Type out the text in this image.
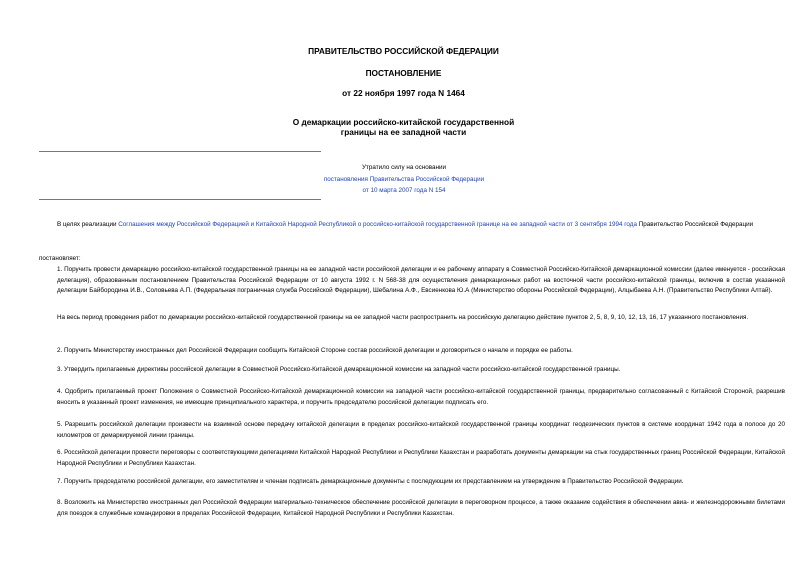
ПРАВИТЕЛЬСТВО РОССИЙСКОЙ ФЕДЕРАЦИИ
ПОСТАНОВЛЕНИЕ
от 22 ноября 1997 года N 1464
О демаркации российско-китайской государственной
границы на ее западной части
Утратило силу на основании
постановления Правительства Российской Федерации
от 10 марта 2007 года N 154

В целях реализации Соглашения между Российской Федерацией и Китайской Народной Республикой о российско-китайской государственной границе на ее западной части от 3 сентября 1994 года Правительство Российской Федерации

постановляет:

1. Поручить провести демаркацию российско-китайской государственной границы на ее западной части российской делегации и ее рабочему аппарату в Совместной Российско-Китайской демаркационной комиссии (далее именуется - российская делегация), образованным постановлением Правительства Российской Федерации от 10 августа 1992 г. N 568-38 для осуществления демаркационных работ на восточной части российско-китайской границы, включив в состав указанной делегации Байбородина И.В., Соловьева А.П. (Федеральная пограничная служба Российской Федерации), Шебалина А.Ф., Евсиенкова Ю.А (Министерство обороны Российской Федерации), Алцыбаева А.Н. (Правительство Республики Алтай).

На весь период проведения работ по демаркации российско-китайской государственной границы на ее западной части распространить на российскую делегацию действие пунктов 2, 5, 8, 9, 10, 12, 13, 16, 17 указанного постановления.

2. Поручить Министерству иностранных дел Российской Федерации сообщить Китайской Стороне состав российской делегации и договориться о начале и порядке ее работы.

3. Утвердить прилагаемые директивы российской делегации в Совместной Российско-Китайской демаркационной комиссии на западной части российско-китайской государственной границы.

4. Одобрить прилагаемый проект Положения о Совместной Российско-Китайской демаркационной комиссии на западной части российско-китайской государственной границы, предварительно согласованный с Китайской Стороной, разрешив вносить в указанный проект изменения, не имеющие принципиального характера, и поручить председателю российской делегации подписать его.

5. Разрешить российской делегации произвести на взаимной основе передачу китайской делегации в пределах российско-китайской государственной границы координат геодезических пунктов в системе координат 1942 года в полосе до 20 километров от демаркируемой линии границы.

6. Российской делегации провести переговоры с соответствующими делегациями Китайской Народной Республики и Республики Казахстан и разработать документы демаркации на стык государственных границ Российской Федерации, Китайской Народной Республики и Республики Казахстан.

7. Поручить председателю российской делегации, его заместителям и членам подписать демаркационные документы с последующим их представлением на утверждение в Правительство Российской Федерации.

8. Возложить на Министерство иностранных дел Российской Федерации материально-техническое обеспечение российской делегации в переговорном процессе, а также оказание содействия в обеспечении авиа- и железнодорожными билетами для поездок в служебные командировки в пределах Российской Федерации, Китайской Народной Республики и Республики Казахстан.
